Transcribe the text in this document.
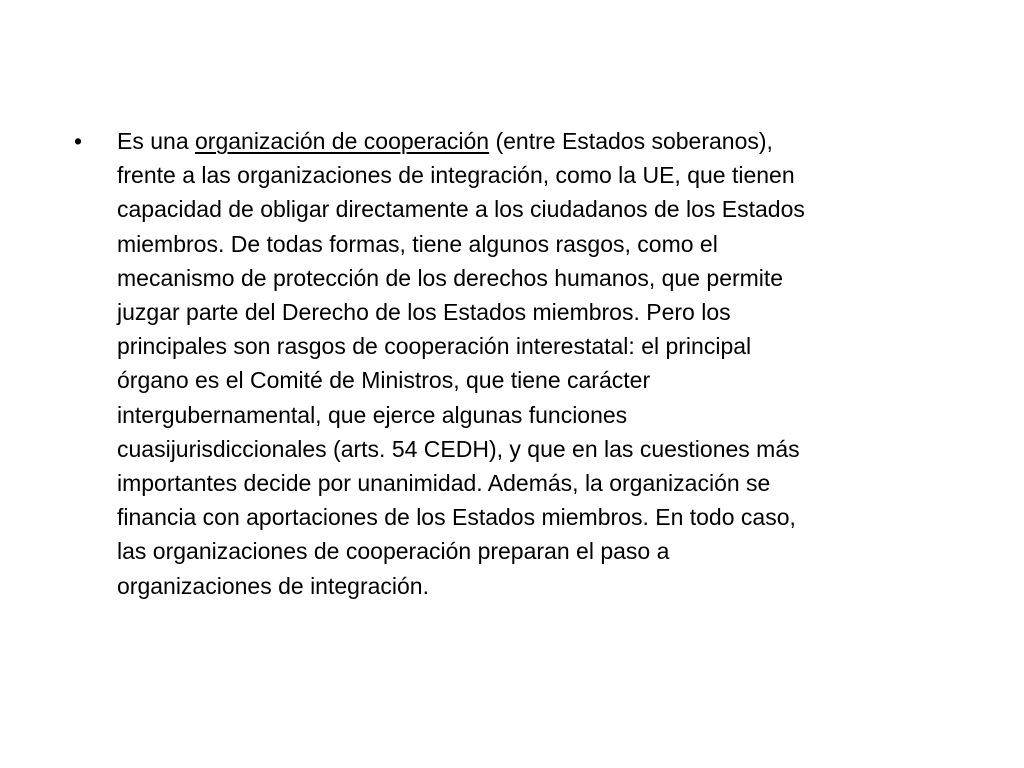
• Es una organización de cooperación (entre Estados soberanos),
frente a las organizaciones de integración, como la UE, que tienen
capacidad de obligar directamente a los ciudadanos de los Estados
miembros. De todas formas, tiene algunos rasgos, como el
mecanismo de protección de los derechos humanos, que permite
juzgar parte del Derecho de los Estados miembros. Pero los
principales son rasgos de cooperación interestatal: el principal
órgano es el Comité de Ministros, que tiene carácter
intergubernamental, que ejerce algunas funciones
cuasijurisdiccionales (arts. 54 CEDH), y que en las cuestiones más
importantes decide por unanimidad. Además, la organización se
financia con aportaciones de los Estados miembros. En todo caso,
las organizaciones de cooperación preparan el paso a
organizaciones de integración.
